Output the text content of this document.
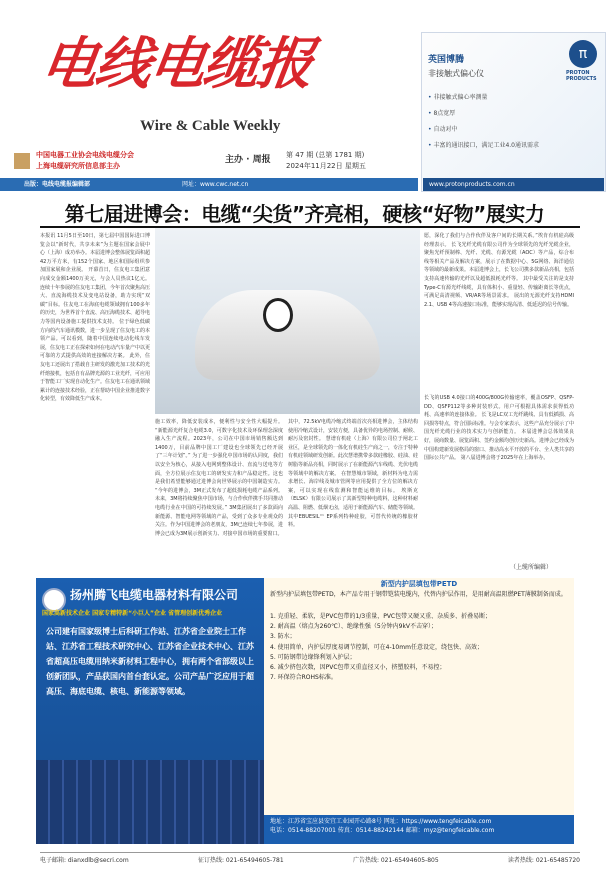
电线电缆报
Wire & Cable Weekly
中国电器工业协会电线电缆分会
上海电缆研究所信息部主办
主办 · 周报 第 47 期 (总第 1781 期)
2024年11月22日 星期五
出版：电线电缆报编辑部	网址：www.cwc.net.cn
英国博腾
非接触式偏心仪
• 非接触式偏心率测量
• 8点宽厚
• 自动对中
• 丰富的通讯接口，满足工业4.0通讯需求
π
PROTON PRODUCTS
www.protonproducts.com.cn
第七届进博会：电缆“尖货”齐亮相，硬核“好物”展实力
本报讯 11月5日至10日，第七届中国国际进口博览会以“新时代，共享未来”为主题在国家会展中心（上海）成功举办。本届进博会整体展览面积超42万平方米，有152个国家、地区和国际组织参加国家展和企业展。 开幕首日，住友电工集团意向成交金额1400万美元，与会人员热议1亿元。连续十年参展的住友电工集团，今年首次聚焦高压大、直流海缆技术及变电站设备，助力实现“双碳”目标。住友电工在海底电缆领域拥有100多年的历史，为世界首个直流、高压海缆技术、超导电力等国内设备施工提供技术支持。 位于绿色低碳方向的汽车通讯模数，进一步呈现了住友电工的本领产品。可以看到，随着中国连续电动化线车发展，住友电工正在探索如何在电动汽车量产中以更可靠的方式提供高效的连接解决方案。 此外，住友电工还展出了搭载自主研发的激光加工技术的光纤熔接机，包括自有品牌光源的工业光纤，可应用于智能工厂实现自动化生产。住友电工在通讯领域累计的连接技术经验，正在帮助中国企业推进数字化转型，有效降低生产成本。
施工效率，降低安装成本，便利性与安全性大幅提升。 “新能源光纤复合电缆3.0，可数字化技术及环保理念深度融入生产流程。2023年，公司在中国市场销售额达到1400万，目前品牌中国工厂建设也全球领先已经开展了“三年计划”。” 为了进一步强化中国市场的认同度，我们以安全为核心，从接入电网到整体设计、直流与送电等方面，全方位展示住友电工的研发实力和产品稳定性。这也是我们希望能够通过进博会向世界展示的中国制造实力。 “今年的进博会，3M正式发布了超低损耗电缆产品系列。未来，3M将持续聚焦中国市场，与合作伙伴携手共同推动电缆行业在中国的可持续发展。” 3M集团展出了多款面向新能源、智能电网等领域的产品，受到了众多专业观众的关注。作为中国进博会的老朋友，3M已连续七年参展，进博会已成为3M展示创新实力、对接中国市场的重要窗口。
其中，72.5kV电缆冷缩式终端首次亮相进博会，主体结构使用冷缩式设计，安装方便，具备优异的电场控制、耐候、耐污及密封性。 慧谱有机硅（上海）有限公司位于闸北工业区，是全球领先的一体化有机硅生产商之一，专注于特种有机硅领域研发创新。此次慧谱携带多款硅橡胶、硅油、硅树脂等新品亮相，同时展示了在新能源汽车线缆、光伏电缆等领域中的解决方案。 在智慧城市领域，新材料为电力需求增长、海岸线及城市管网等应用提供了全方位的解决方案，可以实现在线监测和智能运维的目标。 埃斯克（ELSK）有限公司展示了其新型特种电缆料，这种材料耐高温、阻燃、低烟无卤，适用于新能源汽车、储能等领域。其中EBUESIL™ EP系列特种硅胶，可替代传统的橡胶材料。
愿，深化了我们与合作伙伴及客户间的长期关系。”埃肯有机硅高级经理表示。 长飞光纤光缆有限公司作为全球领先的光纤光缆企业，聚焦光纤预制棒、光纤、光缆、有源光缆（AOC）等产品，综合布线等相关产品及解决方案，展示了在数据中心、5G网络、海洋通信等领域的最新成果。本届进博会上，长飞公司携多款新品亮相，包括支持高速传输的光纤以及超低损耗光纤等。 其中最受关注的是支持Type-C有源光纤线缆，具有体积小、重量轻、传输距离长等优点，可满足高清视频、VR/AR等场景需求。 展出的无源光纤支持HDMI 2.1、USB 4等高速接口标准，能够实现高清、低延迟的信号传输。
长飞的USB 4.0接口的400G/800G传输速率，覆盖OSFP、QSFP-DD、QSFP112等多种封装形式。用户可根据具体需求获得低功耗、高速率的连接体验。 长飞是LC双工光纤跳线、具有低插损、高回损等特点，符合国际标准。与会专家表示，这些产品充分展示了中国光纤光缆行业的技术实力与创新能力。 本届进博会总体效果良好，展商数量、展览面积、签约金额均创历史新高。进博会已经成为中国构建新发展格局的窗口、推动高水平开放的平台、全人类共享的国际公共产品。 第八届进博会将于2025年在上海举办。
（上缆所编辑）
扬州腾飞电缆电器材料有限公司
国家高新技术企业 国家专精特新“小巨人”企业 省管理创新优秀企业
公司建有国家级博士后科研工作站、江苏省企业院士工作站、江苏省工程技术研究中心、江苏省企业技术中心、江苏省超高压电缆用纳米新材料工程中心，拥有两个省部级以上创新团队，产品获国内首台套认定。公司产品广泛应用于超高压、海底电缆、核电、新能源等领域。
新型内护层填包带PETD
新型内护层填包带PETD，本产品专用于钢带铠装电缆内，代替内护层作用，是用耐高温阻燃PET薄膜制备而成。
1. 克重轻、柔软，是PVC包带的1/3重量，PVC包带又硬又重、杂质多、折叠易断；
2. 耐高温（熔点为260℃）、绝缘性强（5分钟内9kV不击穿）；
3. 防水；
4. 使用简单，内护层厚度易调节控制，可在4-10mm任意设定，绕包快、高效；
5. 可防钢带边缘锋利划入护层；
6. 减少挤包次数，因PVC包带又重直径又小，挤塑胶料，不易控；
7. 环保符合ROHS标准。
地址：江苏省宝应县安宜工业园开心路8号 网址：https://www.tengfeicable.com
电话：0514-88207001 传真：0514-88242144 邮箱：myz@tengfeicable.com
电子邮箱: dianxdlb@secri.com	征订热线: 021-65494605-781	广告热线: 021-65494605-805	读者热线: 021-65485720
